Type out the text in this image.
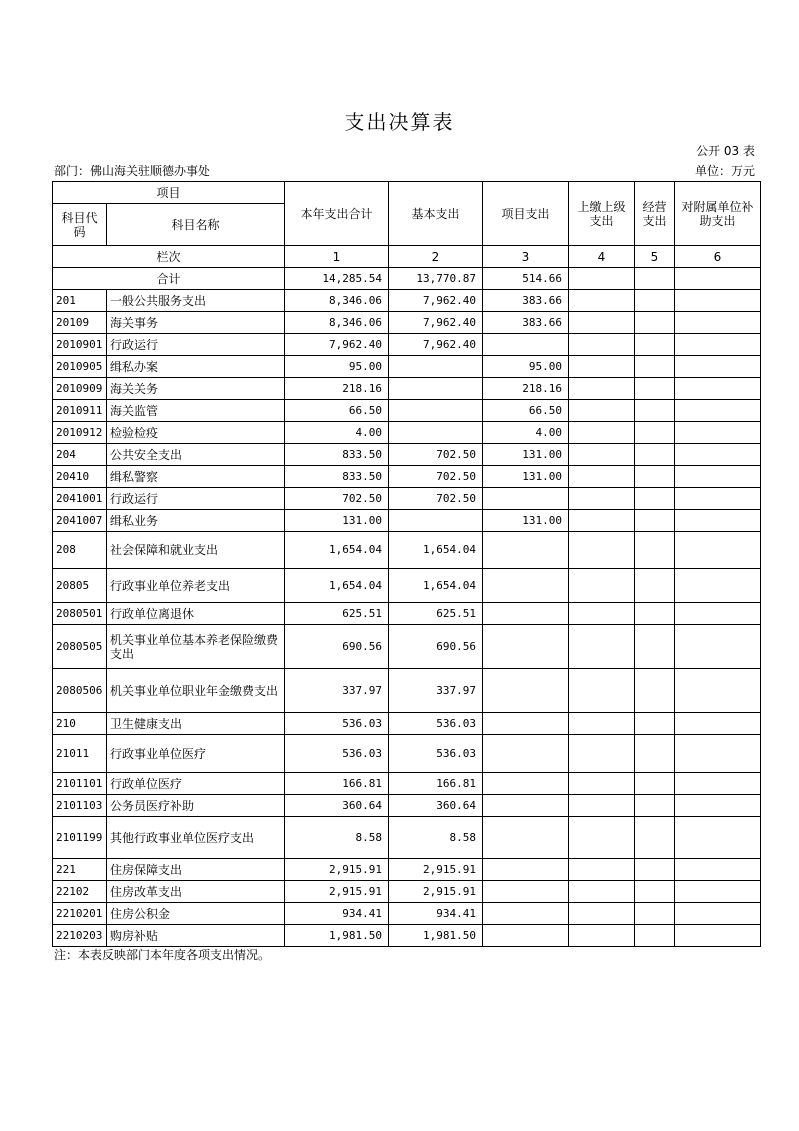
支出决算表
公开 03 表
部门：佛山海关驻顺德办事处	单位：万元
项目		本年支出合计	基本支出	项目支出	上缴上级支出	经营支出	对附属单位补助支出
科目代码	科目名称						
栏次		1	2	3	4	5	6
合计		14,285.54	13,770.87	514.66			
201	一般公共服务支出	8,346.06	7,962.40	383.66			
20109	海关事务	8,346.06	7,962.40	383.66			
2010901	行政运行	7,962.40	7,962.40				
2010905	缉私办案	95.00		95.00			
2010909	海关关务	218.16		218.16			
2010911	海关监管	66.50		66.50			
2010912	检验检疫	4.00		4.00			
204	公共安全支出	833.50	702.50	131.00			
20410	缉私警察	833.50	702.50	131.00			
2041001	行政运行	702.50	702.50				
2041007	缉私业务	131.00		131.00			
208	社会保障和就业支出	1,654.04	1,654.04				
20805	行政事业单位养老支出	1,654.04	1,654.04				
2080501	行政单位离退休	625.51	625.51				
2080505	机关事业单位基本养老保险缴费支出	690.56	690.56				
2080506	机关事业单位职业年金缴费支出	337.97	337.97				
210	卫生健康支出	536.03	536.03				
21011	行政事业单位医疗	536.03	536.03				
2101101	行政单位医疗	166.81	166.81				
2101103	公务员医疗补助	360.64	360.64				
2101199	其他行政事业单位医疗支出	8.58	8.58				
221	住房保障支出	2,915.91	2,915.91				
22102	住房改革支出	2,915.91	2,915.91				
2210201	住房公积金	934.41	934.41				
2210203	购房补贴	1,981.50	1,981.50				
注：本表反映部门本年度各项支出情况。
